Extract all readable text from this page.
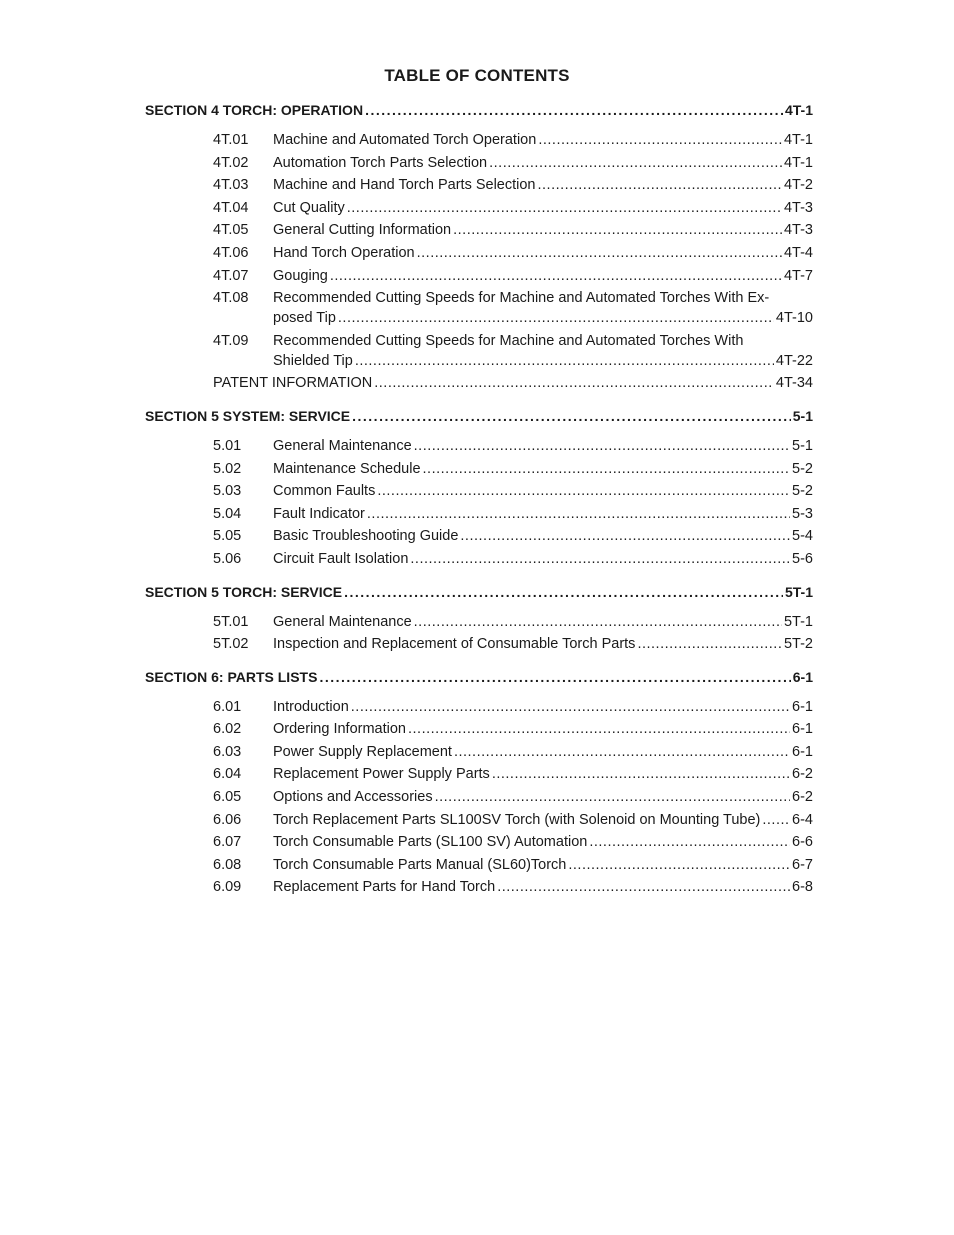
TABLE OF CONTENTS
SECTION 4 TORCH: OPERATION .....	4T-1
4T.01	Machine and Automated Torch Operation .....	4T-1
4T.02	Automation Torch Parts Selection .....	4T-1
4T.03	Machine and Hand Torch Parts Selection .....	4T-2
4T.04	Cut Quality .....	4T-3
4T.05	General Cutting Information .....	4T-3
4T.06	Hand Torch Operation .....	4T-4
4T.07	Gouging .....	4T-7
4T.08	Recommended Cutting Speeds for Machine and Automated Torches With Ex-
posed Tip .....	4T-10
4T.09	Recommended Cutting Speeds for Machine and Automated Torches With
Shielded Tip .....	4T-22
PATENT INFORMATION .....	4T-34
SECTION 5 SYSTEM: SERVICE .....	5-1
5.01	General Maintenance .....	5-1
5.02	Maintenance Schedule .....	5-2
5.03	Common Faults .....	5-2
5.04	Fault Indicator .....	5-3
5.05	Basic Troubleshooting Guide .....	5-4
5.06	Circuit Fault Isolation .....	5-6
SECTION 5 TORCH: SERVICE .....	5T-1
5T.01	General Maintenance .....	5T-1
5T.02	Inspection and Replacement of Consumable Torch Parts .....	5T-2
SECTION 6: PARTS LISTS .....	6-1
6.01	Introduction .....	6-1
6.02	Ordering Information .....	6-1
6.03	Power Supply Replacement .....	6-1
6.04	Replacement Power Supply Parts .....	6-2
6.05	Options and Accessories .....	6-2
6.06	Torch Replacement Parts SL100SV Torch (with Solenoid on Mounting Tube) ..... 6-4
6.07	Torch Consumable Parts (SL100 SV) Automation .....	6-6
6.08	Torch Consumable Parts Manual (SL60)Torch .....	6-7
6.09	Replacement Parts for Hand Torch .....	6-8
